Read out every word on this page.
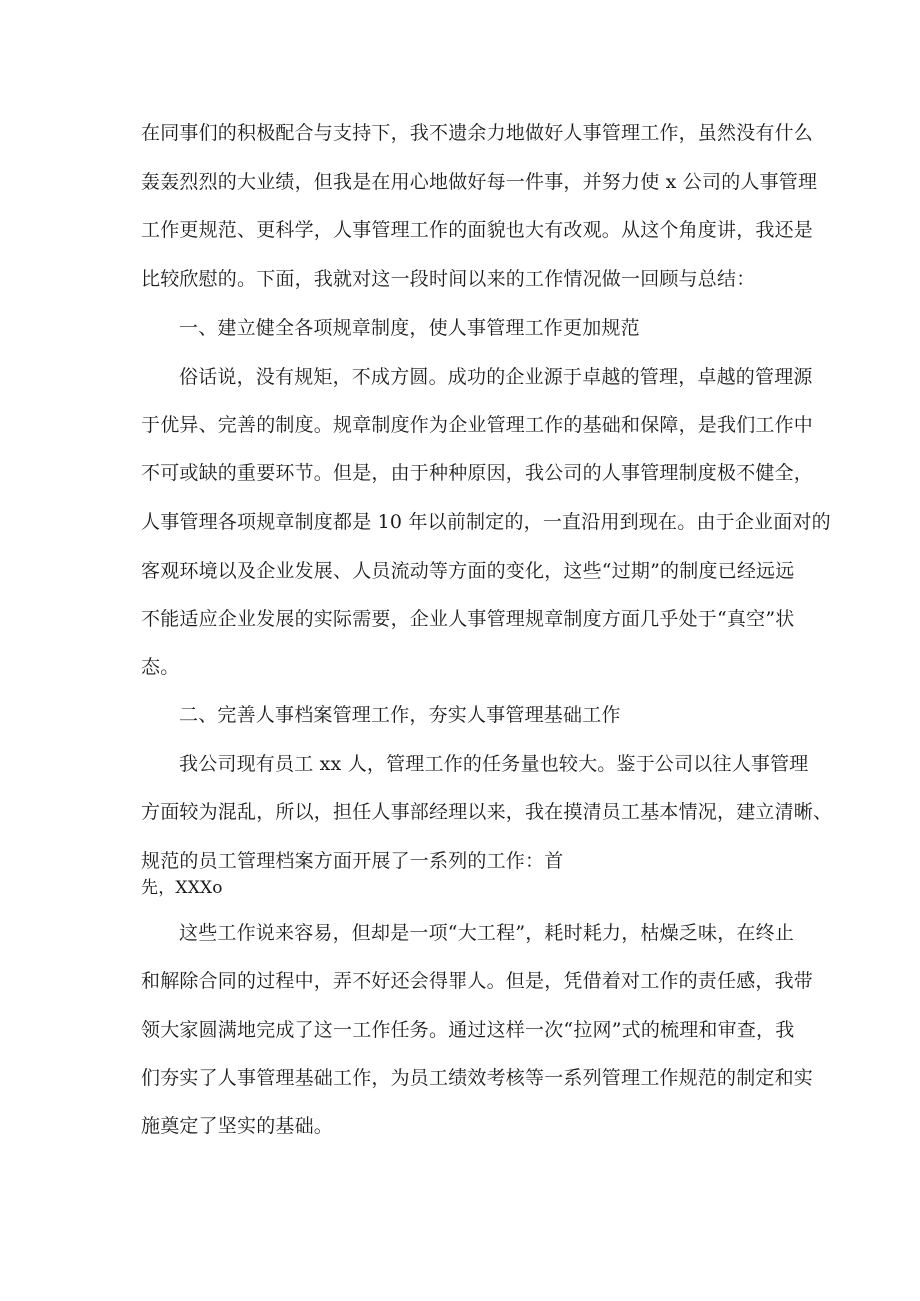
在同事们的积极配合与支持下，我不遗余力地做好人事管理工作，虽然没有什么
轰轰烈烈的大业绩，但我是在用心地做好每一件事，并努力使 x 公司的人事管理
工作更规范、更科学，人事管理工作的面貌也大有改观。从这个角度讲，我还是
比较欣慰的。下面，我就对这一段时间以来的工作情况做一回顾与总结：
一、建立健全各项规章制度，使人事管理工作更加规范
俗话说，没有规矩，不成方圆。成功的企业源于卓越的管理，卓越的管理源
于优异、完善的制度。规章制度作为企业管理工作的基础和保障，是我们工作中
不可或缺的重要环节。但是，由于种种原因，我公司的人事管理制度极不健全，
人事管理各项规章制度都是 10 年以前制定的，一直沿用到现在。由于企业面对的
客观环境以及企业发展、人员流动等方面的变化，这些“过期”的制度已经远远
不能适应企业发展的实际需要，企业人事管理规章制度方面几乎处于“真空”状
态。
二、完善人事档案管理工作，夯实人事管理基础工作
我公司现有员工 xx 人，管理工作的任务量也较大。鉴于公司以往人事管理
方面较为混乱，所以，担任人事部经理以来，我在摸清员工基本情况，建立清晰、
规范的员工管理档案方面开展了一系列的工作：首
先，XXXo
这些工作说来容易，但却是一项“大工程”，耗时耗力，枯燥乏味，在终止
和解除合同的过程中，弄不好还会得罪人。但是，凭借着对工作的责任感，我带
领大家圆满地完成了这一工作任务。通过这样一次“拉网”式的梳理和审查，我
们夯实了人事管理基础工作，为员工绩效考核等一系列管理工作规范的制定和实
施奠定了坚实的基础。
